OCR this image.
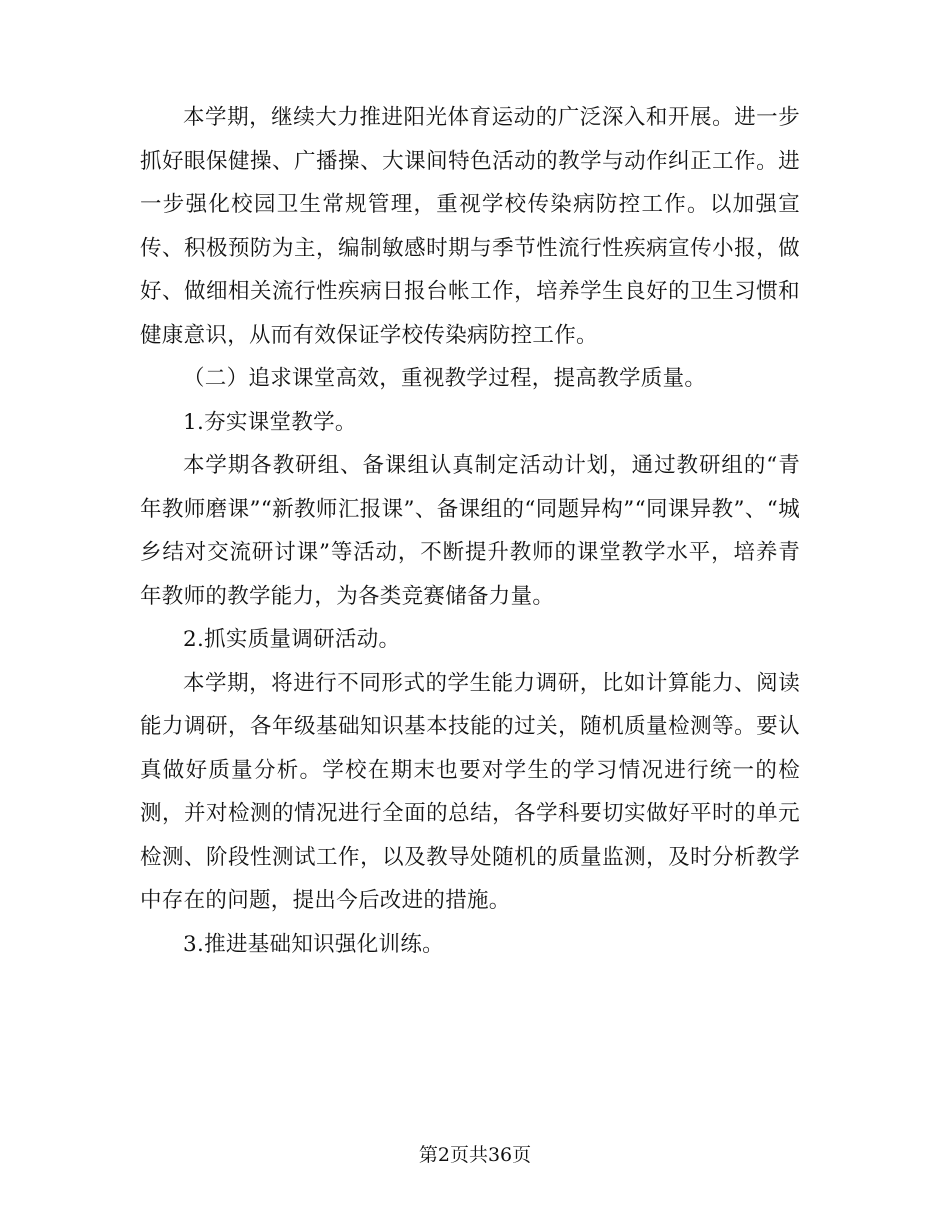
本学期，继续大力推进阳光体育运动的广泛深入和开展。进一步抓好眼保健操、广播操、大课间特色活动的教学与动作纠正工作。进一步强化校园卫生常规管理，重视学校传染病防控工作。以加强宣传、积极预防为主，编制敏感时期与季节性流行性疾病宣传小报，做好、做细相关流行性疾病日报台帐工作，培养学生良好的卫生习惯和健康意识，从而有效保证学校传染病防控工作。

（二）追求课堂高效，重视教学过程，提高教学质量。

1.夯实课堂教学。

本学期各教研组、备课组认真制定活动计划，通过教研组的“青年教师磨课”“新教师汇报课”、备课组的“同题异构”“同课异教”、“城乡结对交流研讨课”等活动，不断提升教师的课堂教学水平，培养青年教师的教学能力，为各类竞赛储备力量。

2.抓实质量调研活动。

本学期，将进行不同形式的学生能力调研，比如计算能力、阅读能力调研，各年级基础知识基本技能的过关，随机质量检测等。要认真做好质量分析。学校在期末也要对学生的学习情况进行统一的检测，并对检测的情况进行全面的总结，各学科要切实做好平时的单元检测、阶段性测试工作，以及教导处随机的质量监测，及时分析教学中存在的问题，提出今后改进的措施。

3.推进基础知识强化训练。

第2页共36页
